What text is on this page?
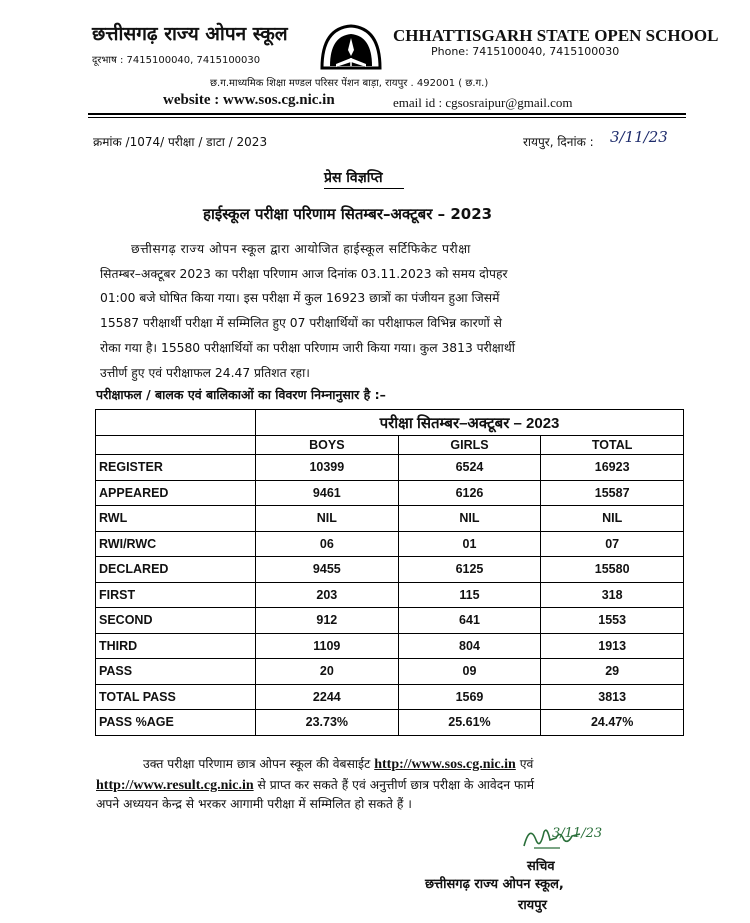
छत्तीसगढ़ राज्य ओपन स्कूल
दूरभाष : 7415100040, 7415100030
CHHATTISGARH STATE OPEN SCHOOL
Phone: 7415100040, 7415100030
छ.ग.माध्यमिक शिक्षा मण्डल परिसर पेंशन बाड़ा, रायपुर . 492001 ( छ.ग.)
website : www.sos.cg.nic.in	email id : cgsosraipur@gmail.com
क्रमांक /1074/ परीक्षा / डाटा / 2023	रायपुर, दिनांक : 3/11/23
प्रेस विज्ञप्ति
हाईस्कूल परीक्षा परिणाम सितम्बर–अक्टूबर – 2023
छत्तीसगढ़ राज्य ओपन स्कूल द्वारा आयोजित हाईस्कूल सर्टिफिकेट परीक्षा
सितम्बर–अक्टूबर 2023 का परीक्षा परिणाम आज दिनांक 03.11.2023 को समय दोपहर
01:00 बजे घोषित किया गया। इस परीक्षा में कुल 16923 छात्रों का पंजीयन हुआ जिसमें
15587 परीक्षार्थी परीक्षा में सम्मिलित हुए 07 परीक्षार्थियों का परीक्षाफल विभिन्न कारणों से
रोका गया है। 15580 परीक्षार्थियों का परीक्षा परिणाम जारी किया गया। कुल 3813 परीक्षार्थी
उत्तीर्ण हुए एवं परीक्षाफल 24.47 प्रतिशत रहा।
परीक्षाफल / बालक एवं बालिकाओं का विवरण निम्नानुसार है :–
	परीक्षा सितम्बर–अक्टूबर – 2023		
	BOYS	GIRLS	TOTAL
REGISTER	10399	6524	16923
APPEARED	9461	6126	15587
RWL	NIL	NIL	NIL
RWI/RWC	06	01	07
DECLARED	9455	6125	15580
FIRST	203	115	318
SECOND	912	641	1553
THIRD	1109	804	1913
PASS	20	09	29
TOTAL PASS	2244	1569	3813
PASS %AGE	23.73%	25.61%	24.47%
उक्त परीक्षा परिणाम छात्र ओपन स्कूल की वेबसाईट http://www.sos.cg.nic.in एवं
http://www.result.cg.nic.in से प्राप्त कर सकते हैं एवं अनुत्तीर्ण छात्र परीक्षा के आवेदन फार्म
अपने अध्ययन केन्द्र से भरकर आगामी परीक्षा में सम्मिलित हो सकते हैं ।
3/11/23
सचिव
छत्तीसगढ़ राज्य ओपन स्कूल,
रायपुर
